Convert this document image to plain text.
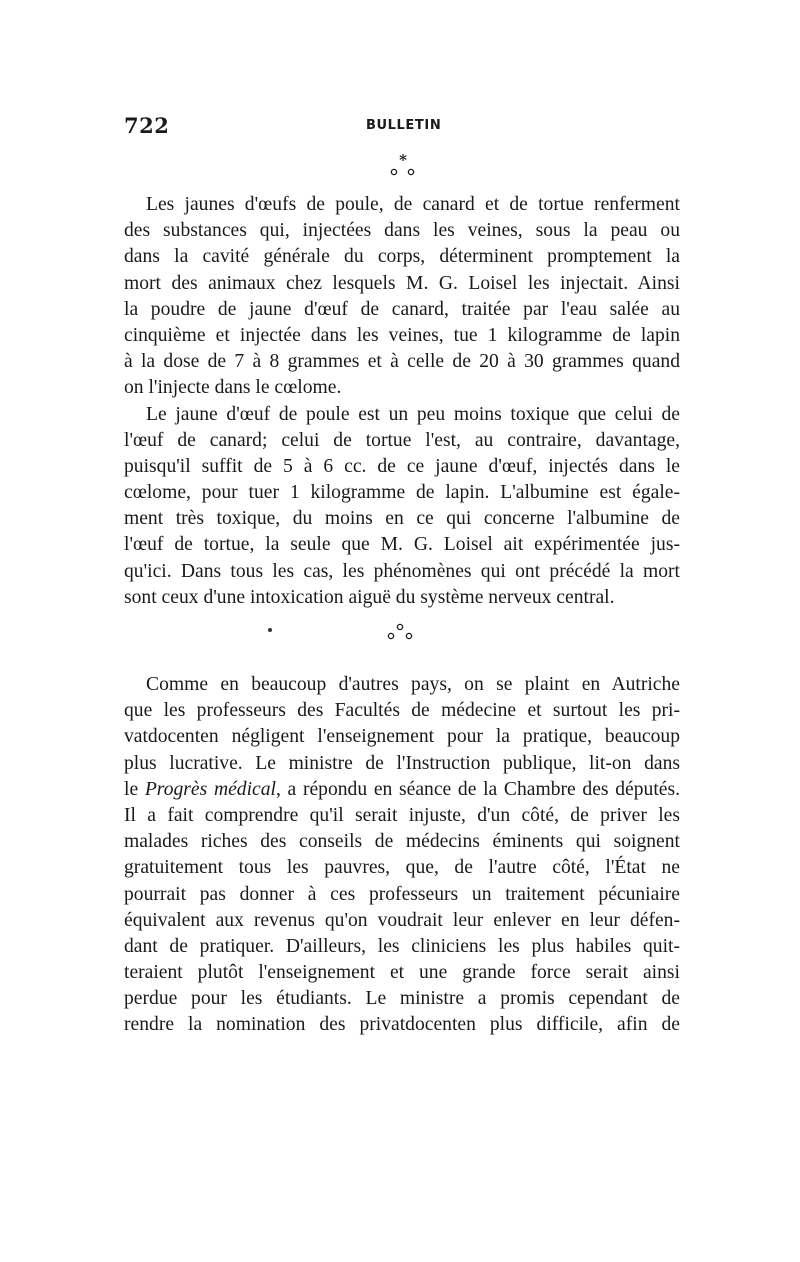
722	BULLETIN
*
Les jaunes d'œufs de poule, de canard et de tortue renferment
des substances qui, injectées dans les veines, sous la peau ou
dans la cavité générale du corps, déterminent promptement la
mort des animaux chez lesquels M. G. Loisel les injectait. Ainsi
la poudre de jaune d'œuf de canard, traitée par l'eau salée au
cinquième et injectée dans les veines, tue 1 kilogramme de lapin
à la dose de 7 à 8 grammes et à celle de 20 à 30 grammes quand
on l'injecte dans le cœlome.
Le jaune d'œuf de poule est un peu moins toxique que celui de
l'œuf de canard; celui de tortue l'est, au contraire, davantage,
puisqu'il suffit de 5 à 6 cc. de ce jaune d'œuf, injectés dans le
cœlome, pour tuer 1 kilogramme de lapin. L'albumine est égale-
ment très toxique, du moins en ce qui concerne l'albumine de
l'œuf de tortue, la seule que M. G. Loisel ait expérimentée jus-
qu'ici. Dans tous les cas, les phénomènes qui ont précédé la mort
sont ceux d'une intoxication aiguë du système nerveux central.
Comme en beaucoup d'autres pays, on se plaint en Autriche
que les professeurs des Facultés de médecine et surtout les pri-
vatdocenten négligent l'enseignement pour la pratique, beaucoup
plus lucrative. Le ministre de l'Instruction publique, lit-on dans
le Progrès médical, a répondu en séance de la Chambre des députés.
Il a fait comprendre qu'il serait injuste, d'un côté, de priver les
malades riches des conseils de médecins éminents qui soignent
gratuitement tous les pauvres, que, de l'autre côté, l'État ne
pourrait pas donner à ces professeurs un traitement pécuniaire
équivalent aux revenus qu'on voudrait leur enlever en leur défen-
dant de pratiquer. D'ailleurs, les cliniciens les plus habiles quit-
teraient plutôt l'enseignement et une grande force serait ainsi
perdue pour les étudiants. Le ministre a promis cependant de
rendre la nomination des privatdocenten plus difficile, afin de
